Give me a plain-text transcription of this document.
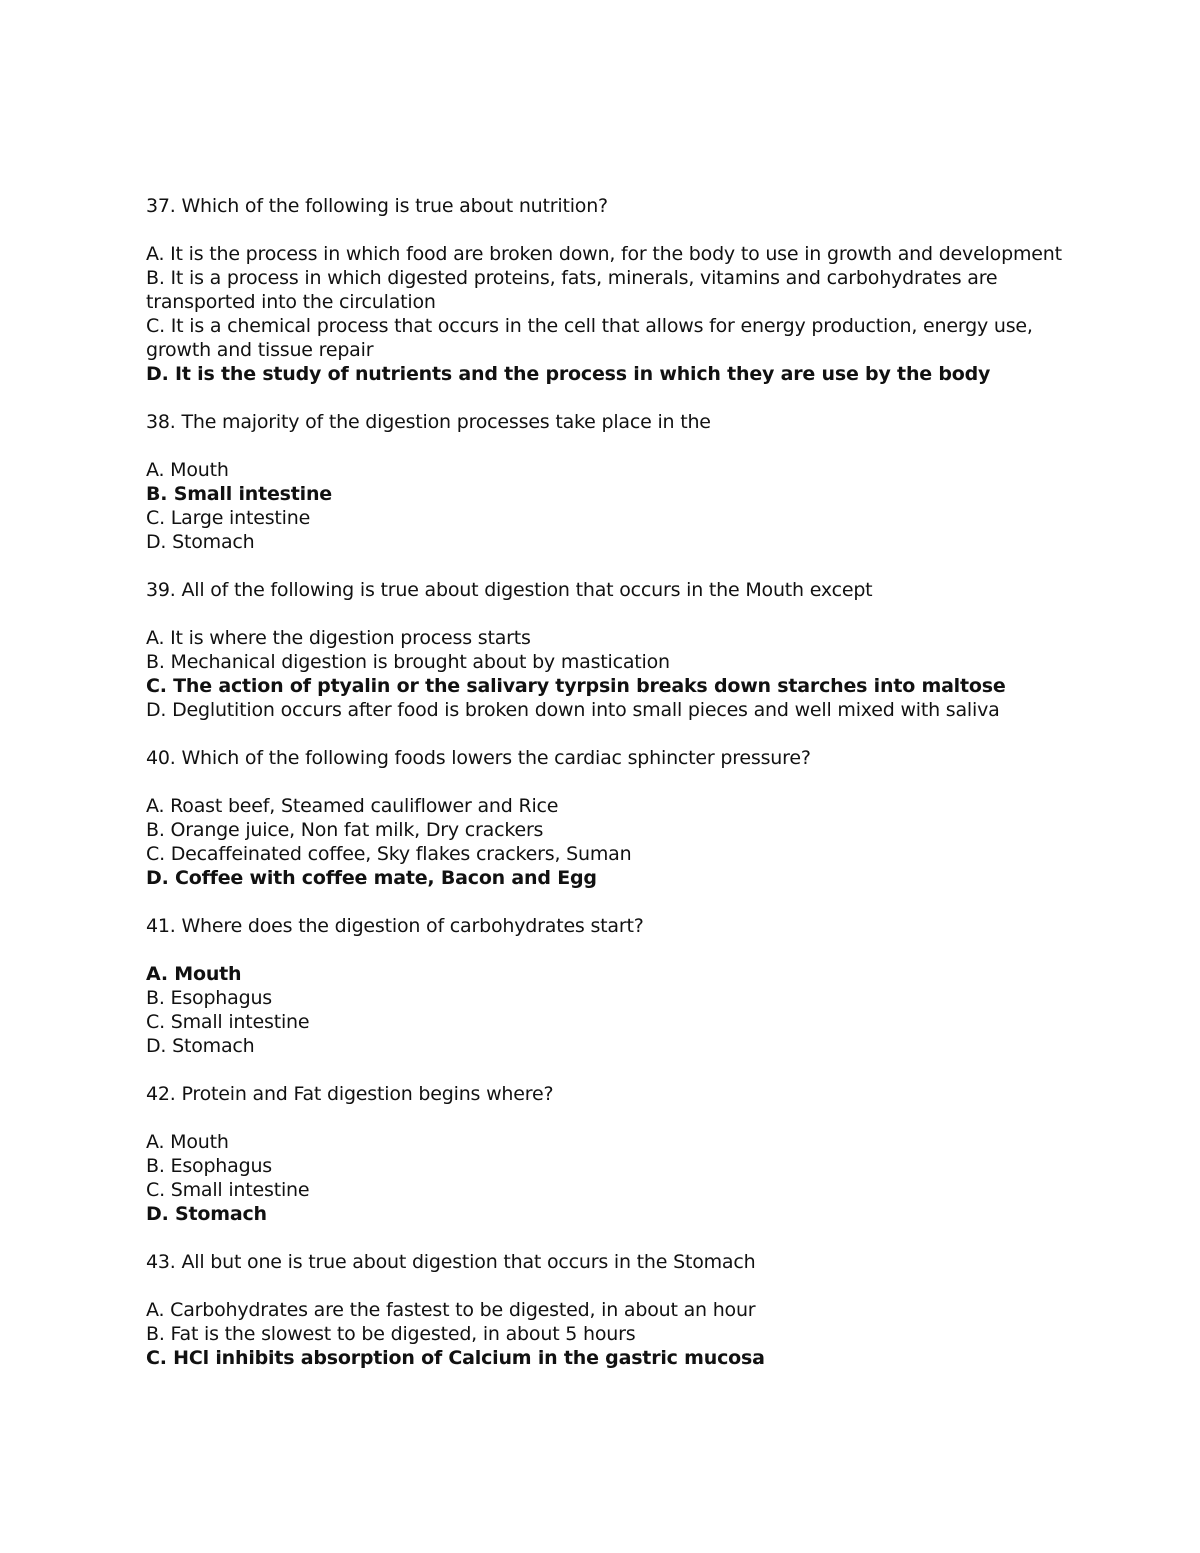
37. Which of the following is true about nutrition?

A. It is the process in which food are broken down, for the body to use in growth and development

B. It is a process in which digested proteins, fats, minerals, vitamins and carbohydrates are transported into the circulation

C. It is a chemical process that occurs in the cell that allows for energy production, energy use, growth and tissue repair

D. It is the study of nutrients and the process in which they are use by the body

38. The majority of the digestion processes take place in the

A. Mouth

B. Small intestine

C. Large intestine

D. Stomach

39. All of the following is true about digestion that occurs in the Mouth except

A. It is where the digestion process starts

B. Mechanical digestion is brought about by mastication

C. The action of ptyalin or the salivary tyrpsin breaks down starches into maltose

D. Deglutition occurs after food is broken down into small pieces and well mixed with saliva

40. Which of the following foods lowers the cardiac sphincter pressure?

A. Roast beef, Steamed cauliflower and Rice

B. Orange juice, Non fat milk, Dry crackers

C. Decaffeinated coffee, Sky flakes crackers, Suman

D. Coffee with coffee mate, Bacon and Egg

41. Where does the digestion of carbohydrates start?

A. Mouth

B. Esophagus

C. Small intestine

D. Stomach

42. Protein and Fat digestion begins where?

A. Mouth

B. Esophagus

C. Small intestine

D. Stomach

43. All but one is true about digestion that occurs in the Stomach

A. Carbohydrates are the fastest to be digested, in about an hour

B. Fat is the slowest to be digested, in about 5 hours

C. HCl inhibits absorption of Calcium in the gastric mucosa
